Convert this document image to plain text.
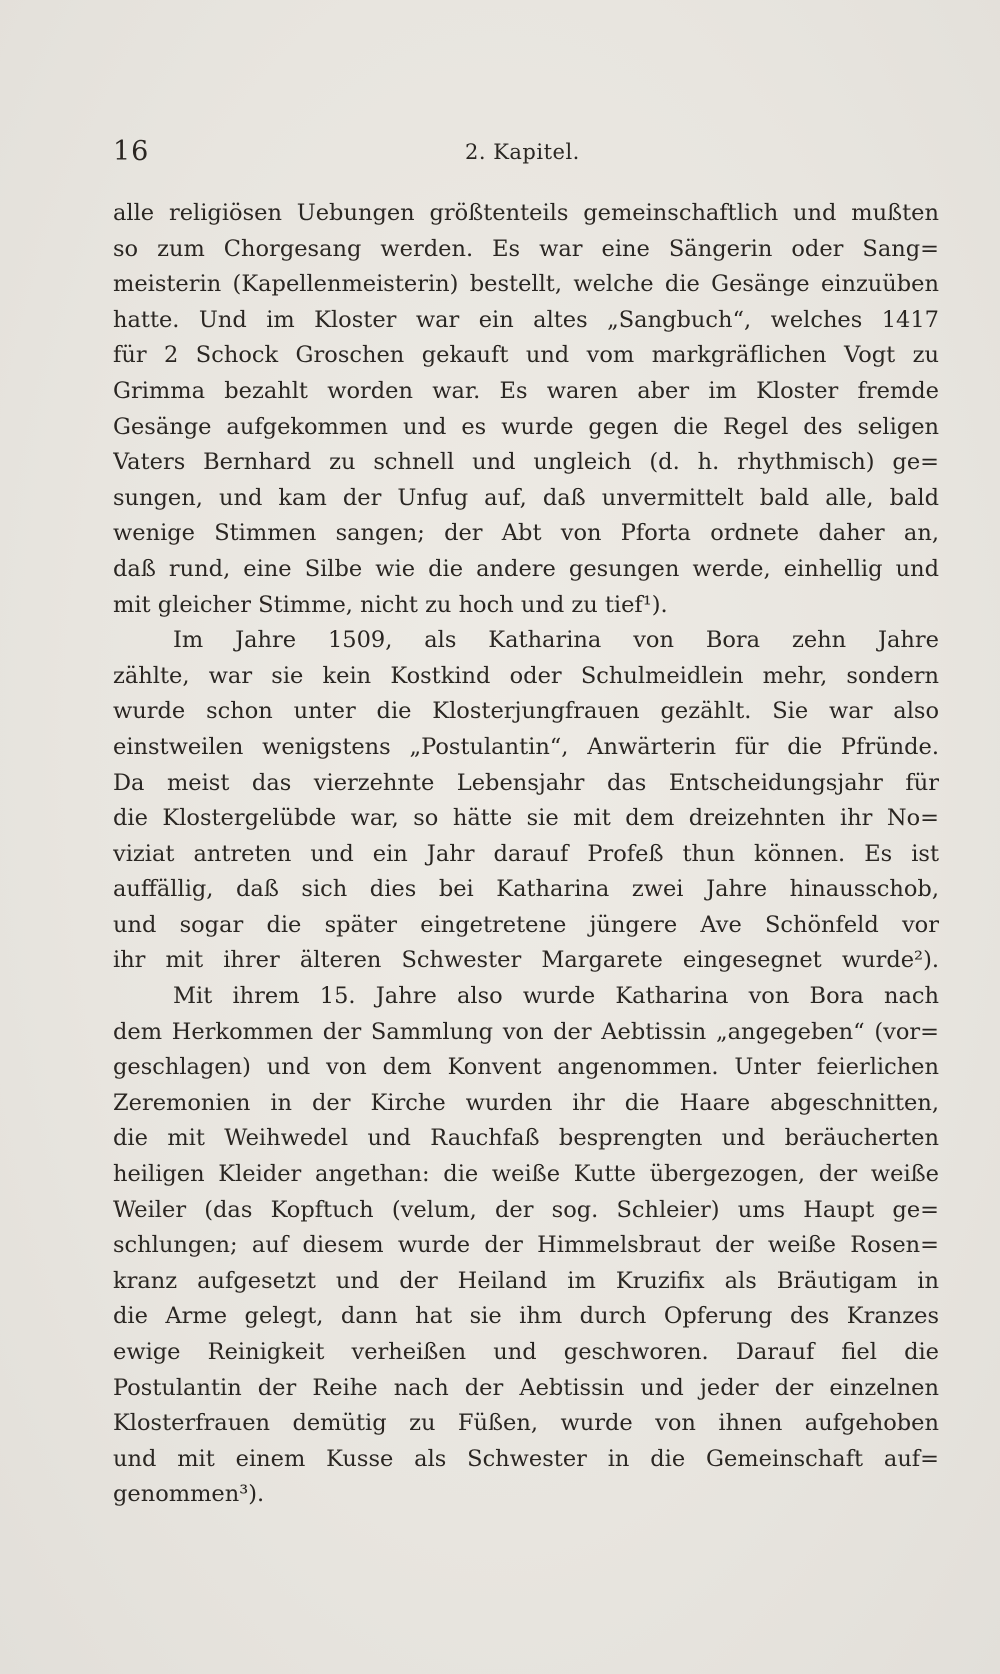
16	2. Kapitel.
alle religiösen Uebungen größtenteils gemeinschaftlich und mußten
so zum Chorgesang werden. Es war eine Sängerin oder Sang=
meisterin (Kapellenmeisterin) bestellt, welche die Gesänge einzuüben
hatte. Und im Kloster war ein altes „Sangbuch“, welches 1417
für 2 Schock Groschen gekauft und vom markgräflichen Vogt zu
Grimma bezahlt worden war. Es waren aber im Kloster fremde
Gesänge aufgekommen und es wurde gegen die Regel des seligen
Vaters Bernhard zu schnell und ungleich (d. h. rhythmisch) ge=
sungen, und kam der Unfug auf, daß unvermittelt bald alle, bald
wenige Stimmen sangen; der Abt von Pforta ordnete daher an,
daß rund, eine Silbe wie die andere gesungen werde, einhellig und
mit gleicher Stimme, nicht zu hoch und zu tief¹).
Im Jahre 1509, als Katharina von Bora zehn Jahre
zählte, war sie kein Kostkind oder Schulmeidlein mehr, sondern
wurde schon unter die Klosterjungfrauen gezählt. Sie war also
einstweilen wenigstens „Postulantin“, Anwärterin für die Pfründe.
Da meist das vierzehnte Lebensjahr das Entscheidungsjahr für
die Klostergelübde war, so hätte sie mit dem dreizehnten ihr No=
viziat antreten und ein Jahr darauf Profeß thun können. Es ist
auffällig, daß sich dies bei Katharina zwei Jahre hinausschob,
und sogar die später eingetretene jüngere Ave Schönfeld vor
ihr mit ihrer älteren Schwester Margarete eingesegnet wurde²).
Mit ihrem 15. Jahre also wurde Katharina von Bora nach
dem Herkommen der Sammlung von der Aebtissin „angegeben“ (vor=
geschlagen) und von dem Konvent angenommen. Unter feierlichen
Zeremonien in der Kirche wurden ihr die Haare abgeschnitten,
die mit Weihwedel und Rauchfaß besprengten und beräucherten
heiligen Kleider angethan: die weiße Kutte übergezogen, der weiße
Weiler (das Kopftuch (velum, der sog. Schleier) ums Haupt ge=
schlungen; auf diesem wurde der Himmelsbraut der weiße Rosen=
kranz aufgesetzt und der Heiland im Kruzifix als Bräutigam in
die Arme gelegt, dann hat sie ihm durch Opferung des Kranzes
ewige Reinigkeit verheißen und geschworen. Darauf fiel die
Postulantin der Reihe nach der Aebtissin und jeder der einzelnen
Klosterfrauen demütig zu Füßen, wurde von ihnen aufgehoben
und mit einem Kusse als Schwester in die Gemeinschaft auf=
genommen³).
